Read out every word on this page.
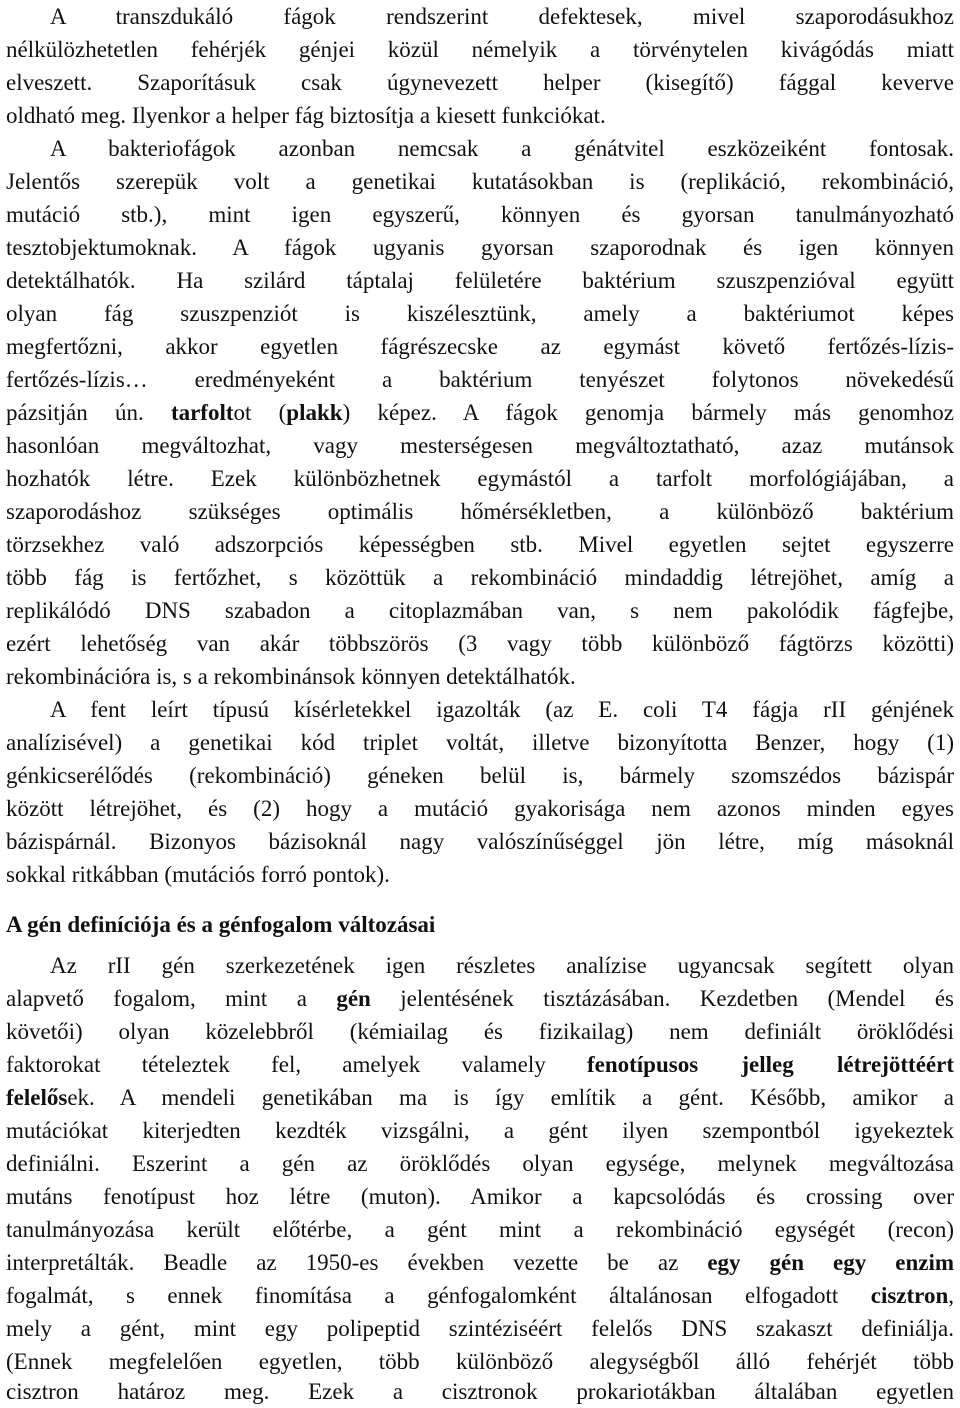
A transzdukáló fágok rendszerint defektesek, mivel szaporodásukhoz
nélkülözhetetlen fehérjék génjei közül némelyik a törvénytelen kivágódás miatt
elveszett. Szaporításuk csak úgynevezett helper (kisegítő) fággal keverve
oldható meg. Ilyenkor a helper fág biztosítja a kiesett funkciókat.
A bakteriofágok azonban nemcsak a génátvitel eszközeiként fontosak.
Jelentős szerepük volt a genetikai kutatásokban is (replikáció, rekombináció,
mutáció stb.), mint igen egyszerű, könnyen és gyorsan tanulmányozható
tesztobjektumoknak. A fágok ugyanis gyorsan szaporodnak és igen könnyen
detektálhatók. Ha szilárd táptalaj felületére baktérium szuszpenzióval együtt
olyan fág szuszpenziót is kiszélesztünk, amely a baktériumot képes
megfertőzni, akkor egyetlen fágrészecske az egymást követő fertőzés-lízis-
fertőzés-lízis… eredményeként a baktérium tenyészet folytonos növekedésű
pázsitján ún. tarfoltot (plakk) képez. A fágok genomja bármely más genomhoz
hasonlóan megváltozhat, vagy mesterségesen megváltoztatható, azaz mutánsok
hozhatók létre. Ezek különbözhetnek egymástól a tarfolt morfológiájában, a
szaporodáshoz szükséges optimális hőmérsékletben, a különböző baktérium
törzsekhez való adszorpciós képességben stb. Mivel egyetlen sejtet egyszerre
több fág is fertőzhet, s közöttük a rekombináció mindaddig létrejöhet, amíg a
replikálódó DNS szabadon a citoplazmában van, s nem pakolódik fágfejbe,
ezért lehetőség van akár többszörös (3 vagy több különböző fágtörzs közötti)
rekombinációra is, s a rekombinánsok könnyen detektálhatók.
A fent leírt típusú kísérletekkel igazolták (az E. coli T4 fágja rII génjének
analízisével) a genetikai kód triplet voltát, illetve bizonyította Benzer, hogy (1)
génkicserélődés (rekombináció) géneken belül is, bármely szomszédos bázispár
között létrejöhet, és (2) hogy a mutáció gyakorisága nem azonos minden egyes
bázispárnál. Bizonyos bázisoknál nagy valószínűséggel jön létre, míg másoknál
sokkal ritkábban (mutációs forró pontok).
A gén definíciója és a génfogalom változásai
Az rII gén szerkezetének igen részletes analízise ugyancsak segített olyan
alapvető fogalom, mint a gén jelentésének tisztázásában. Kezdetben (Mendel és
követői) olyan közelebbről (kémiailag és fizikailag) nem definiált öröklődési
faktorokat tételeztek fel, amelyek valamely fenotípusos jelleg létrejöttéért
felelősek. A mendeli genetikában ma is így említik a gént. Később, amikor a
mutációkat kiterjedten kezdték vizsgálni, a gént ilyen szempontból igyekeztek
definiálni. Eszerint a gén az öröklődés olyan egysége, melynek megváltozása
mutáns fenotípust hoz létre (muton). Amikor a kapcsolódás és crossing over
tanulmányozása került előtérbe, a gént mint a rekombináció egységét (recon)
interpretálták. Beadle az 1950-es években vezette be az egy gén egy enzim
fogalmát, s ennek finomítása a génfogalomként általánosan elfogadott cisztron,
mely a gént, mint egy polipeptid szintéziséért felelős DNS szakaszt definiálja.
(Ennek megfelelően egyetlen, több különböző alegységből álló fehérjét több
cisztron határoz meg. Ezek a cisztronok prokariotákban általában egyetlen
